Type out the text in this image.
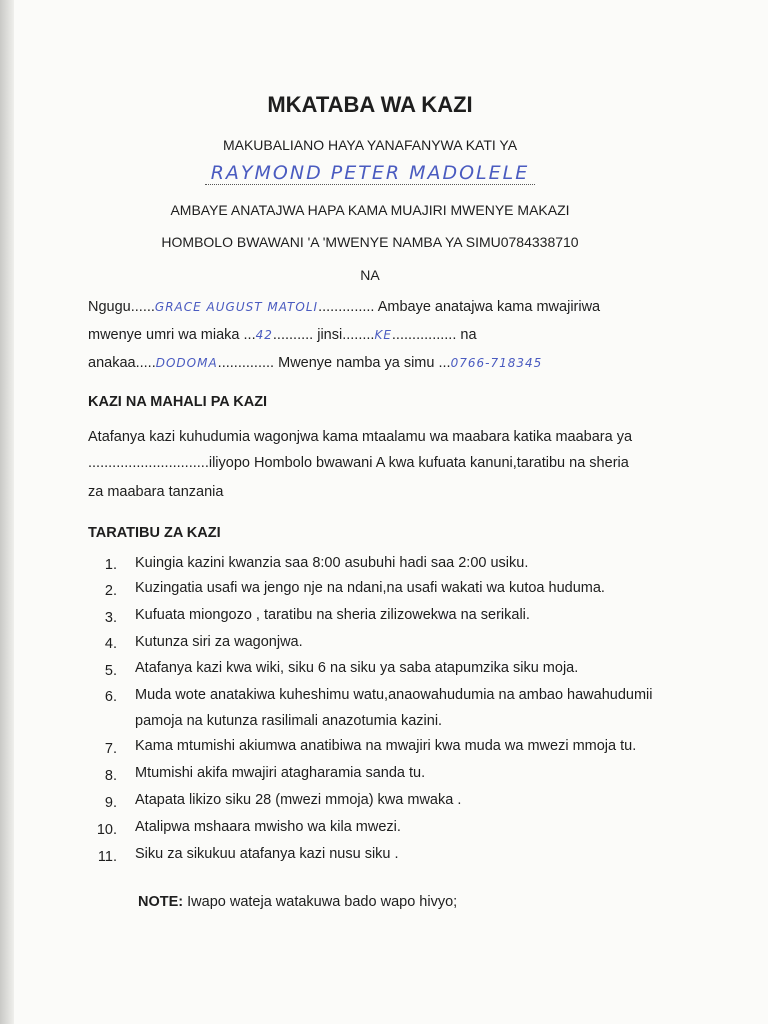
MKATABA WA KAZI
MAKUBALIANO HAYA YANAFANYWA KATI YA
RAYMOND PETER MADOLELE
AMBAYE ANATAJWA HAPA KAMA MUAJIRI MWENYE MAKAZI
HOMBOLO BWAWANI 'A 'MWENYE NAMBA YA SIMU0784338710
NA
Ngugu......GRACE AUGUST MATOLI.............. Ambaye anatajwa kama mwajiriwa
mwenye umri wa miaka ...42.......... jinsi........KE................ na
anakaa.....DODOMA.............. Mwenye namba ya simu ...0766-718345
KAZI NA MAHALI PA KAZI
Atafanya kazi kuhudumia wagonjwa kama mtaalamu wa maabara katika maabara ya
..............................iliyopo Hombolo bwawani A kwa kufuata kanuni,taratibu na sheria
za maabara tanzania
TARATIBU ZA KAZI
1. Kuingia kazini kwanzia saa 8:00 asubuhi hadi saa 2:00 usiku.
2. Kuzingatia usafi wa jengo nje na ndani,na usafi wakati wa kutoa huduma.
3. Kufuata miongozo , taratibu na sheria zilizowekwa na serikali.
4. Kutunza siri za wagonjwa.
5. Atafanya kazi kwa wiki, siku 6 na siku ya saba atapumzika siku moja.
6. Muda wote anatakiwa kuheshimu watu,anaowahudumia na ambao hawahudumii
pamoja na kutunza rasilimali anazotumia kazini.
7. Kama mtumishi akiumwa anatibiwa na mwajiri kwa muda wa mwezi mmoja tu.
8. Mtumishi akifa mwajiri atagharamia sanda tu.
9. Atapata likizo siku 28 (mwezi mmoja) kwa mwaka .
10. Atalipwa mshaara mwisho wa kila mwezi.
11. Siku za sikukuu atafanya kazi nusu siku .
NOTE: Iwapo wateja watakuwa bado wapo hivyo;
